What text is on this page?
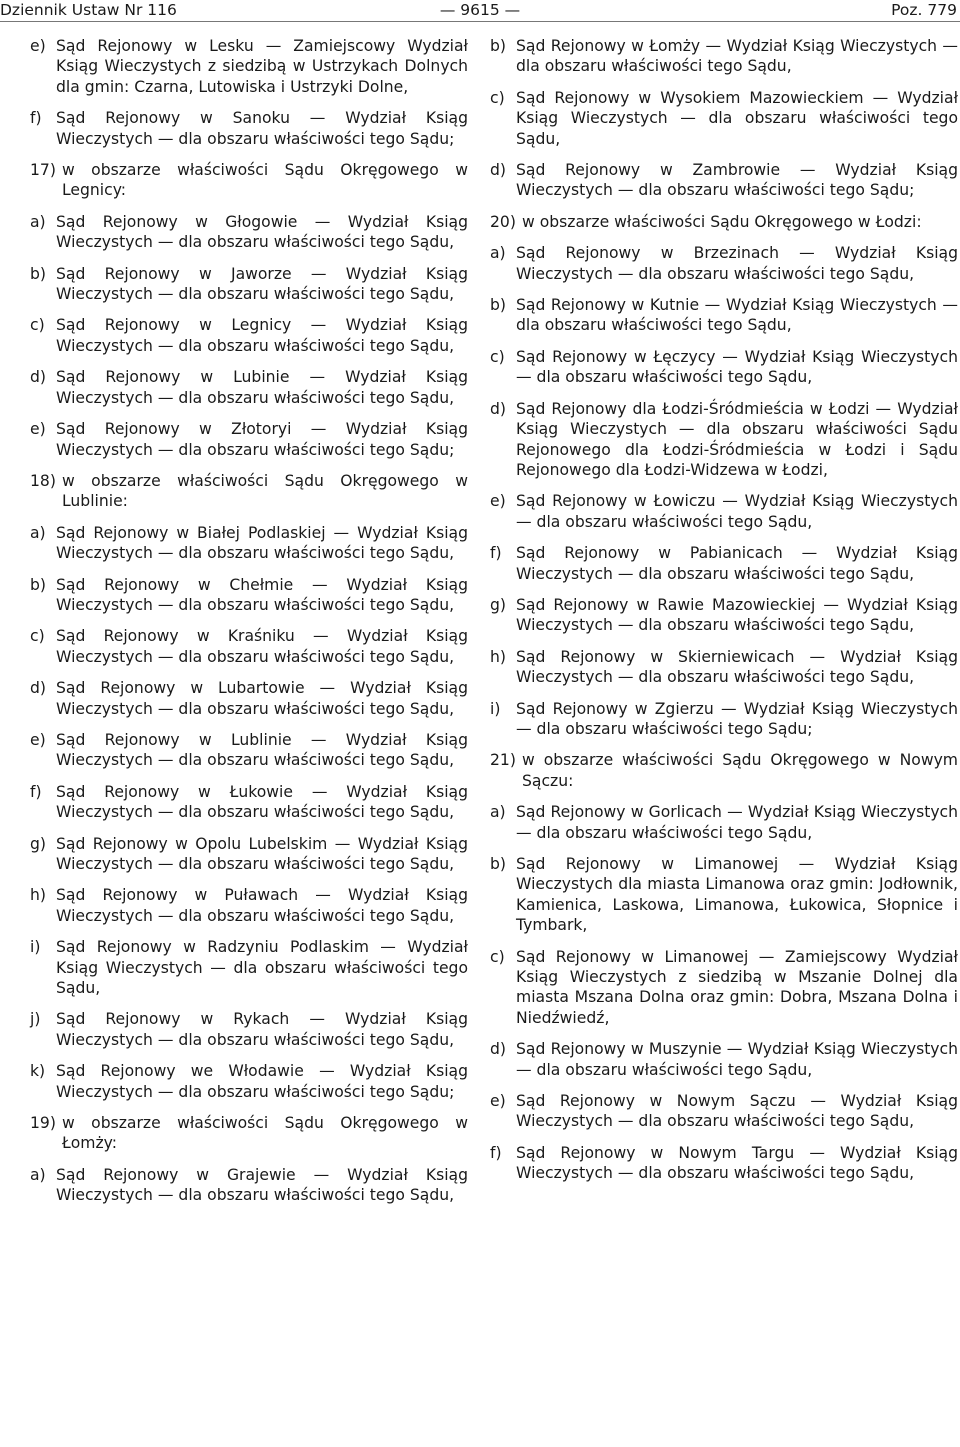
Dziennik Ustaw Nr 116	— 9615 —	Poz. 779
e) Sąd Rejonowy w Lesku — Zamiejscowy Wydział Ksiąg Wieczystych z siedzibą w Ustrzykach Dolnych dla gmin: Czarna, Lutowiska i Ustrzyki Dolne,
f) Sąd Rejonowy w Sanoku — Wydział Ksiąg Wieczystych — dla obszaru właściwości tego Sądu;
17) w obszarze właściwości Sądu Okręgowego w Legnicy:
a) Sąd Rejonowy w Głogowie — Wydział Ksiąg Wieczystych — dla obszaru właściwości tego Sądu,
b) Sąd Rejonowy w Jaworze — Wydział Ksiąg Wieczystych — dla obszaru właściwości tego Sądu,
c) Sąd Rejonowy w Legnicy — Wydział Ksiąg Wieczystych — dla obszaru właściwości tego Sądu,
d) Sąd Rejonowy w Lubinie — Wydział Ksiąg Wieczystych — dla obszaru właściwości tego Sądu,
e) Sąd Rejonowy w Złotoryi — Wydział Ksiąg Wieczystych — dla obszaru właściwości tego Sądu;
18) w obszarze właściwości Sądu Okręgowego w Lublinie:
a) Sąd Rejonowy w Białej Podlaskiej — Wydział Ksiąg Wieczystych — dla obszaru właściwości tego Sądu,
b) Sąd Rejonowy w Chełmie — Wydział Ksiąg Wieczystych — dla obszaru właściwości tego Sądu,
c) Sąd Rejonowy w Kraśniku — Wydział Ksiąg Wieczystych — dla obszaru właściwości tego Sądu,
d) Sąd Rejonowy w Lubartowie — Wydział Ksiąg Wieczystych — dla obszaru właściwości tego Sądu,
e) Sąd Rejonowy w Lublinie — Wydział Ksiąg Wieczystych — dla obszaru właściwości tego Sądu,
f) Sąd Rejonowy w Łukowie — Wydział Ksiąg Wieczystych — dla obszaru właściwości tego Sądu,
g) Sąd Rejonowy w Opolu Lubelskim — Wydział Ksiąg Wieczystych — dla obszaru właściwości tego Sądu,
h) Sąd Rejonowy w Puławach — Wydział Ksiąg Wieczystych — dla obszaru właściwości tego Sądu,
i) Sąd Rejonowy w Radzyniu Podlaskim — Wydział Ksiąg Wieczystych — dla obszaru właściwości tego Sądu,
j) Sąd Rejonowy w Rykach — Wydział Ksiąg Wieczystych — dla obszaru właściwości tego Sądu,
k) Sąd Rejonowy we Włodawie — Wydział Ksiąg Wieczystych — dla obszaru właściwości tego Sądu;
19) w obszarze właściwości Sądu Okręgowego w Łomży:
a) Sąd Rejonowy w Grajewie — Wydział Ksiąg Wieczystych — dla obszaru właściwości tego Sądu,
b) Sąd Rejonowy w Łomży — Wydział Ksiąg Wieczystych — dla obszaru właściwości tego Sądu,
c) Sąd Rejonowy w Wysokiem Mazowieckiem — Wydział Ksiąg Wieczystych — dla obszaru właściwości tego Sądu,
d) Sąd Rejonowy w Zambrowie — Wydział Ksiąg Wieczystych — dla obszaru właściwości tego Sądu;
20) w obszarze właściwości Sądu Okręgowego w Łodzi:
a) Sąd Rejonowy w Brzezinach — Wydział Ksiąg Wieczystych — dla obszaru właściwości tego Sądu,
b) Sąd Rejonowy w Kutnie — Wydział Ksiąg Wieczystych — dla obszaru właściwości tego Sądu,
c) Sąd Rejonowy w Łęczycy — Wydział Ksiąg Wieczystych — dla obszaru właściwości tego Sądu,
d) Sąd Rejonowy dla Łodzi-Śródmieścia w Łodzi — Wydział Ksiąg Wieczystych — dla obszaru właściwości Sądu Rejonowego dla Łodzi-Śródmieścia w Łodzi i Sądu Rejonowego dla Łodzi-Widzewa w Łodzi,
e) Sąd Rejonowy w Łowiczu — Wydział Ksiąg Wieczystych — dla obszaru właściwości tego Sądu,
f) Sąd Rejonowy w Pabianicach — Wydział Ksiąg Wieczystych — dla obszaru właściwości tego Sądu,
g) Sąd Rejonowy w Rawie Mazowieckiej — Wydział Ksiąg Wieczystych — dla obszaru właściwości tego Sądu,
h) Sąd Rejonowy w Skierniewicach — Wydział Ksiąg Wieczystych — dla obszaru właściwości tego Sądu,
i) Sąd Rejonowy w Zgierzu — Wydział Ksiąg Wieczystych — dla obszaru właściwości tego Sądu;
21) w obszarze właściwości Sądu Okręgowego w Nowym Sączu:
a) Sąd Rejonowy w Gorlicach — Wydział Ksiąg Wieczystych — dla obszaru właściwości tego Sądu,
b) Sąd Rejonowy w Limanowej — Wydział Ksiąg Wieczystych dla miasta Limanowa oraz gmin: Jodłownik, Kamienica, Laskowa, Limanowa, Łukowica, Słopnice i Tymbark,
c) Sąd Rejonowy w Limanowej — Zamiejscowy Wydział Ksiąg Wieczystych z siedzibą w Mszanie Dolnej dla miasta Mszana Dolna oraz gmin: Dobra, Mszana Dolna i Niedźwiedź,
d) Sąd Rejonowy w Muszynie — Wydział Ksiąg Wieczystych — dla obszaru właściwości tego Sądu,
e) Sąd Rejonowy w Nowym Sączu — Wydział Ksiąg Wieczystych — dla obszaru właściwości tego Sądu,
f) Sąd Rejonowy w Nowym Targu — Wydział Ksiąg Wieczystych — dla obszaru właściwości tego Sądu,
